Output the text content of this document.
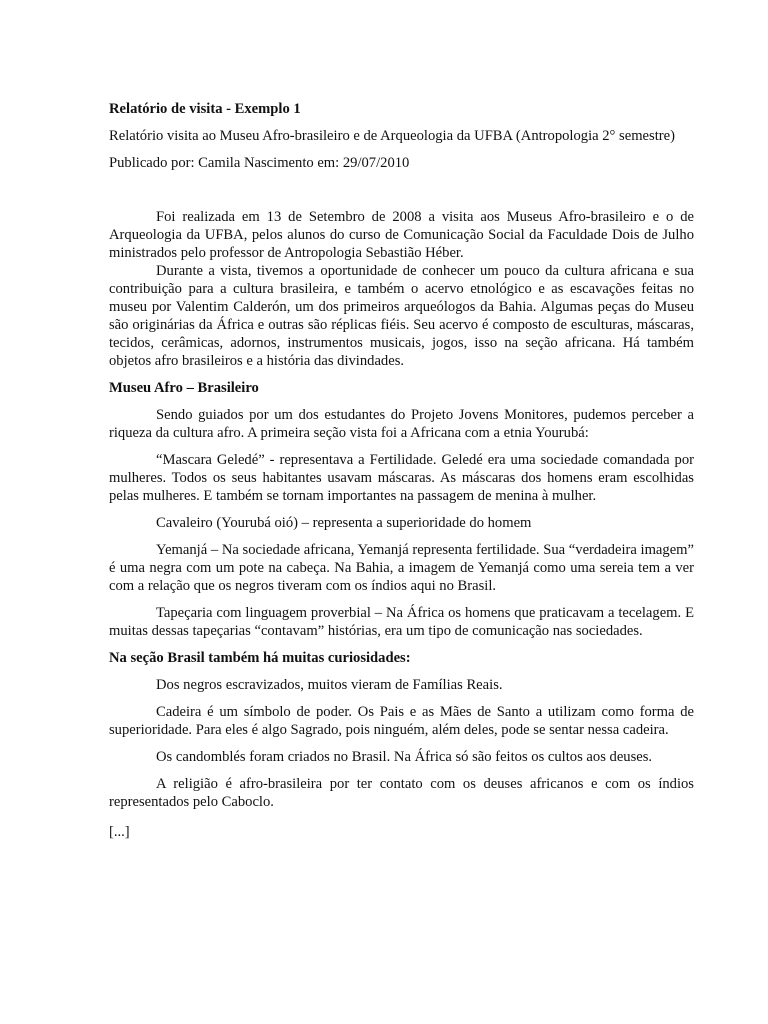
Relatório de visita - Exemplo 1

Relatório visita ao Museu Afro-brasileiro e de Arqueologia da UFBA (Antropologia 2° semestre)

Publicado por: Camila Nascimento em: 29/07/2010

Foi realizada em 13 de Setembro de 2008 a visita aos Museus Afro-brasileiro e o de Arqueologia da UFBA, pelos alunos do curso de Comunicação Social da Faculdade Dois de Julho ministrados pelo professor de Antropologia Sebastião Héber.

Durante a vista, tivemos a oportunidade de conhecer um pouco da cultura africana e sua contribuição para a cultura brasileira, e também o acervo etnológico e as escavações feitas no museu por Valentim Calderón, um dos primeiros arqueólogos da Bahia. Algumas peças do Museu são originárias da África e outras são réplicas fiéis. Seu acervo é composto de esculturas, máscaras, tecidos, cerâmicas, adornos, instrumentos musicais, jogos, isso na seção africana. Há também objetos afro brasileiros e a história das divindades.

Museu Afro – Brasileiro

Sendo guiados por um dos estudantes do Projeto Jovens Monitores, pudemos perceber a riqueza da cultura afro. A primeira seção vista foi a Africana com a etnia Yourubá:

“Mascara Geledé” - representava a Fertilidade. Geledé era uma sociedade comandada por mulheres. Todos os seus habitantes usavam máscaras. As máscaras dos homens eram escolhidas pelas mulheres. E também se tornam importantes na passagem de menina à mulher.

Cavaleiro (Yourubá oió) – representa a superioridade do homem

Yemanjá – Na sociedade africana, Yemanjá representa fertilidade. Sua “verdadeira imagem” é uma negra com um pote na cabeça. Na Bahia, a imagem de Yemanjá como uma sereia tem a ver com a relação que os negros tiveram com os índios aqui no Brasil.

Tapeçaria com linguagem proverbial – Na África os homens que praticavam a tecelagem. E muitas dessas tapeçarias “contavam” histórias, era um tipo de comunicação nas sociedades.

Na seção Brasil também há muitas curiosidades:

Dos negros escravizados, muitos vieram de Famílias Reais.

Cadeira é um símbolo de poder. Os Pais e as Mães de Santo a utilizam como forma de superioridade. Para eles é algo Sagrado, pois ninguém, além deles, pode se sentar nessa cadeira.

Os candomblés foram criados no Brasil. Na África só são feitos os cultos aos deuses.

A religião é afro-brasileira por ter contato com os deuses africanos e com os índios representados pelo Caboclo.

[...]
